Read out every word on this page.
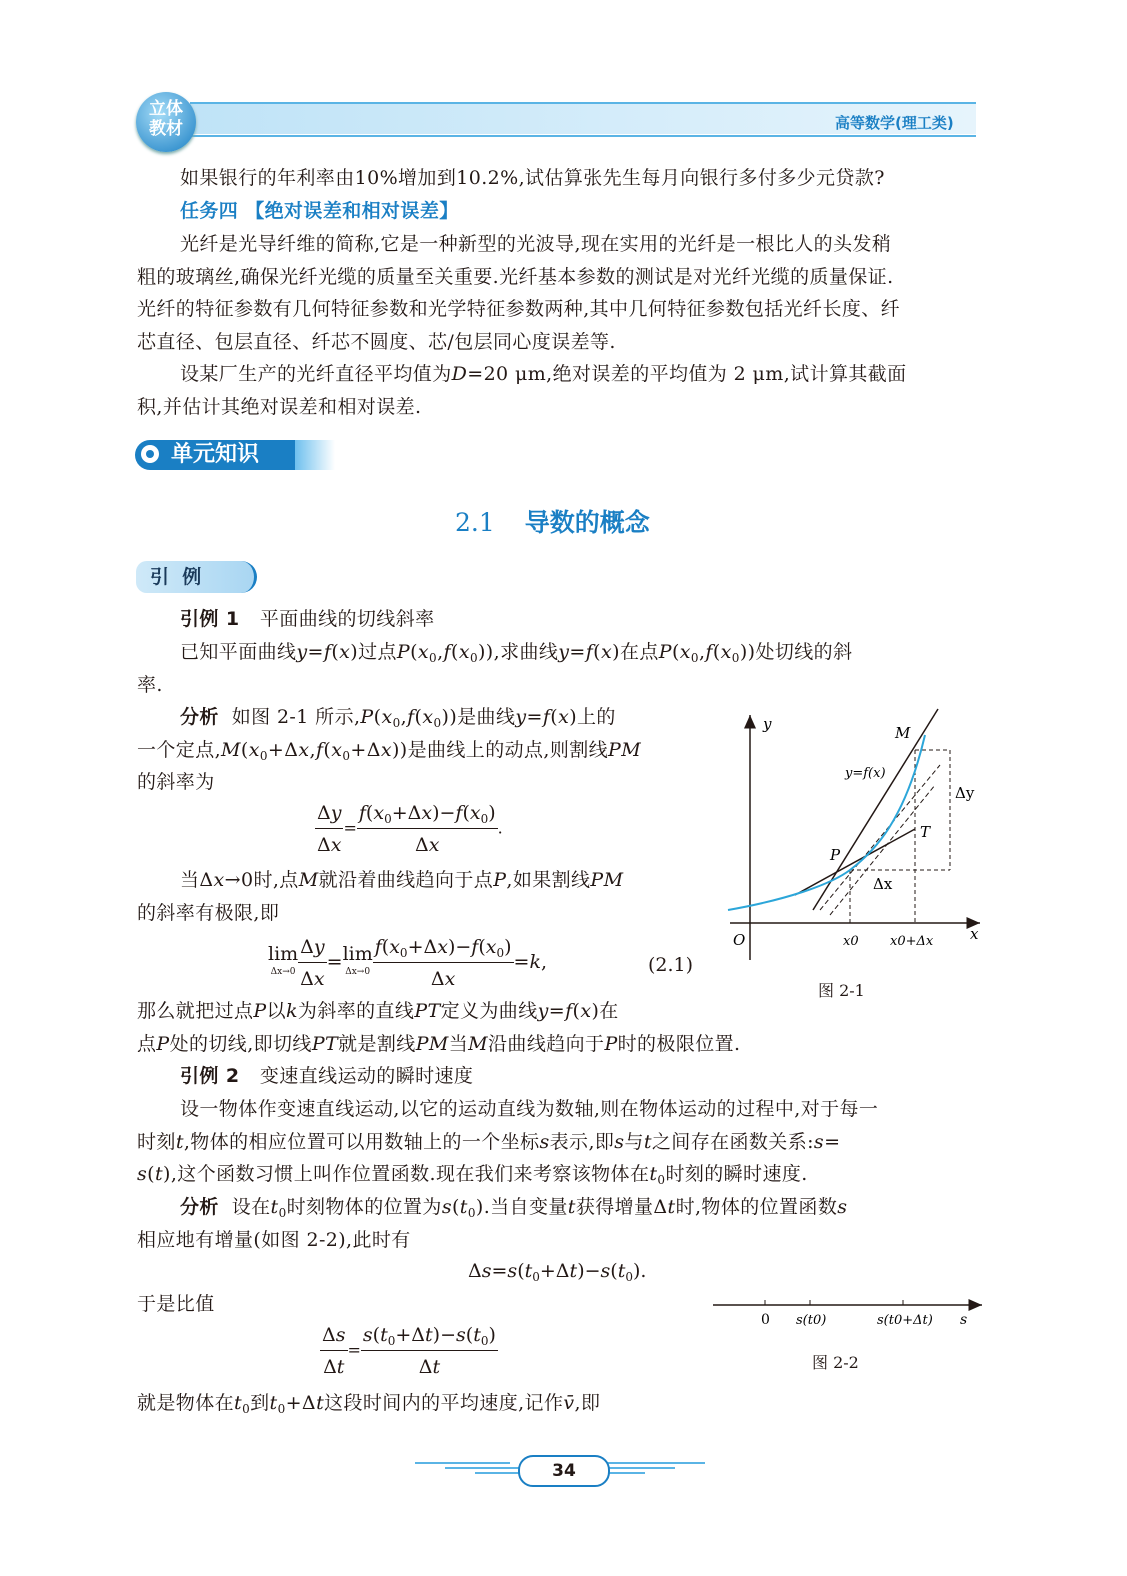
立体
教材	高等数学(理工类)
如果银行的年利率由10%增加到10.2%,试估算张先生每月向银行多付多少元贷款?
任务四 【绝对误差和相对误差】
光纤是光导纤维的简称,它是一种新型的光波导,现在实用的光纤是一根比人的头发稍
粗的玻璃丝,确保光纤光缆的质量至关重要.光纤基本参数的测试是对光纤光缆的质量保证.
光纤的特征参数有几何特征参数和光学特征参数两种,其中几何特征参数包括光纤长度、纤
芯直径、包层直径、纤芯不圆度、芯/包层同心度误差等.
设某厂生产的光纤直径平均值为D=20 μm,绝对误差的平均值为 2 μm,试计算其截面
积,并估计其绝对误差和相对误差.
单元知识
2.1 导数的概念
引  例
引例 1 平面曲线的切线斜率
已知平面曲线y=f(x)过点$P(x_0,f(x_0))$,求曲线y=f(x)在点$P(x_0,f(x_0))$处切线的斜
率.
分析 如图 2-1 所示$,P(x_0,f(x_0))$是曲线y=f(x)上的
一个定点$,M(x_0+\Delta x,f(x_0+\Delta x))$是曲线上的动点,则割线PM
的斜率为
$\frac{\Delta y}{\Delta x} = \frac{f(x_0+\Delta x)-f(x_0)}{\Delta x}$ .
当Δx→0时,点M就沿着曲线趋向于点P,如果割线PM
的斜率有极限,即
lim
$\Delta x\to 0 \frac{\Delta y}{\Delta x} = \lim$
$\Delta x\to 0 \frac{f(x_0+\Delta x)-f(x_0)}{\Delta x} =k$,	(2.1)
那么就把过点P以k为斜率的直线PT定义为曲线y=f(x)在
点P处的切线,即切线PT就是割线PM当M沿曲线趋向于P时的极限位置.
y
x
O
M
P
T
y=f(x)
Δx
Δy
x0 x0+Δx
图 2-1
引例 2 变速直线运动的瞬时速度
设一物体作变速直线运动,以它的运动直线为数轴,则在物体运动的过程中,对于每一
时刻t,物体的相应位置可以用数轴上的一个坐标s表示,即s与t之间存在函数关系:s=
s(t),这个函数习惯上叫作位置函数.现在我们来考察该物体在$t_0$时刻的瞬时速度.
分析 设在$t_0$时刻物体的位置为$s(t_0)$.当自变量t获得增量Δt时,物体的位置函数s
相应地有增量(如图 2-2),此时有
$\Delta s=s(t_0+\Delta t)-s(t_0)$.
于是比值
$\frac{\Delta s}{\Delta t} = \frac{s(t_0+\Delta t)-s(t_0)}{\Delta t}$
就是物体在$t_0$到$t_0+\Delta t$这段时间内的平均速度,记作v̄,即
0 s(t0)	s(t0+Δt) s
图 2-2
34
